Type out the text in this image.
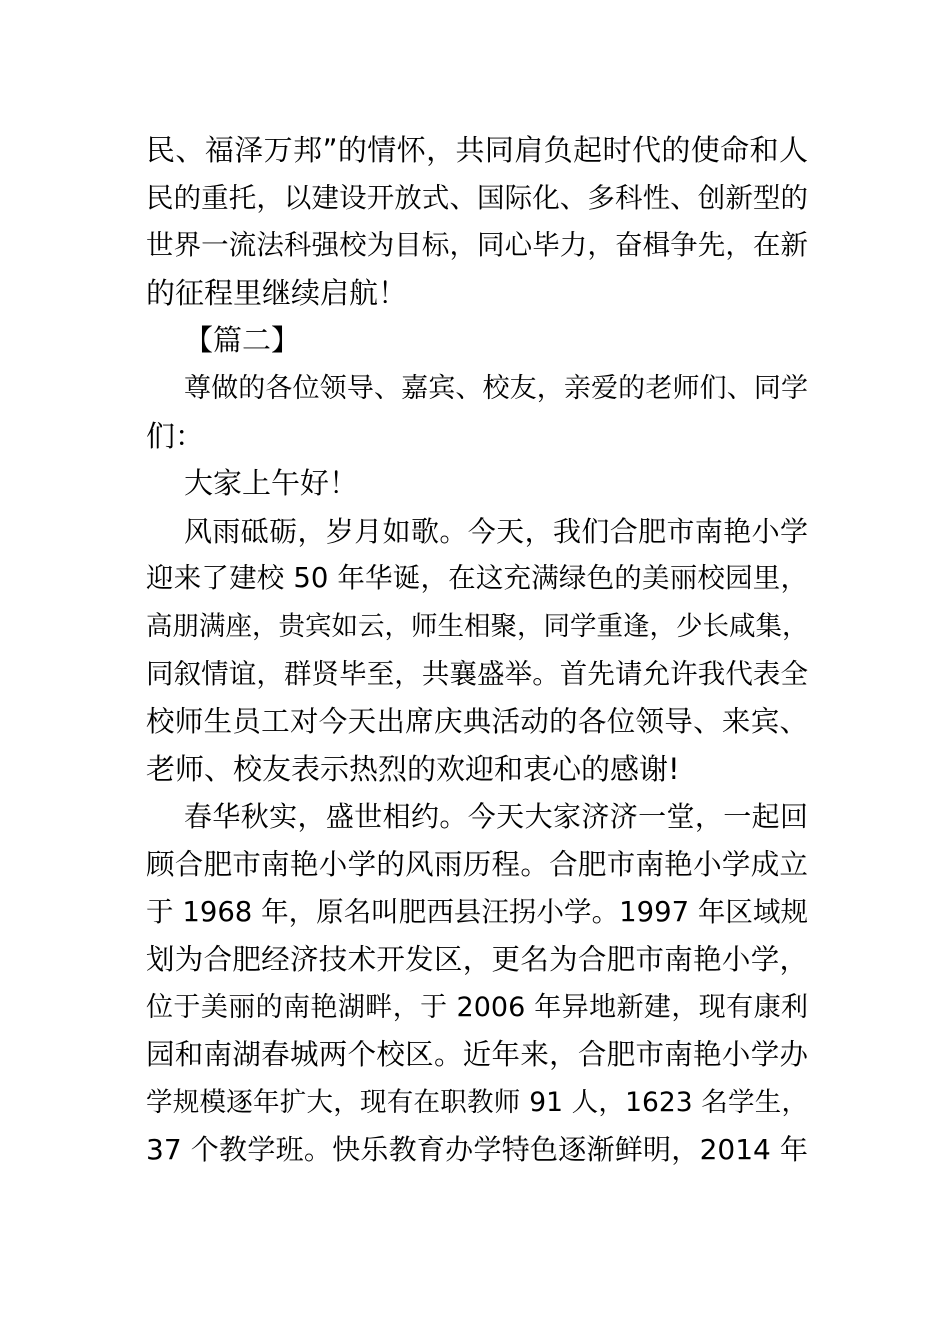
民、福泽万邦”的情怀，共同肩负起时代的使命和人
民的重托，以建设开放式、国际化、多科性、创新型的
世界一流法科强校为目标，同心毕力，奋楫争先，在新
的征程里继续启航！
【篇二】
尊做的各位领导、嘉宾、校友，亲爱的老师们、同学
们：
大家上午好！
风雨砥砺，岁月如歌。今天，我们合肥市南艳小学
迎来了建校 50 年华诞，在这充满绿色的美丽校园里，
高朋满座，贵宾如云，师生相聚，同学重逢，少长咸集，
同叙情谊，群贤毕至，共襄盛举。首先请允许我代表全
校师生员工对今天出席庆典活动的各位领导、来宾、
老师、校友表示热烈的欢迎和衷心的感谢!
春华秋实，盛世相约。今天大家济济一堂，一起回
顾合肥市南艳小学的风雨历程。合肥市南艳小学成立
于 1968 年，原名叫肥西县汪拐小学。1997 年区域规
划为合肥经济技术开发区，更名为合肥市南艳小学，
位于美丽的南艳湖畔，于 2006 年异地新建，现有康利
园和南湖春城两个校区。近年来，合肥市南艳小学办
学规模逐年扩大，现有在职教师 91 人，1623 名学生，
37 个教学班。快乐教育办学特色逐渐鲜明，2014 年
